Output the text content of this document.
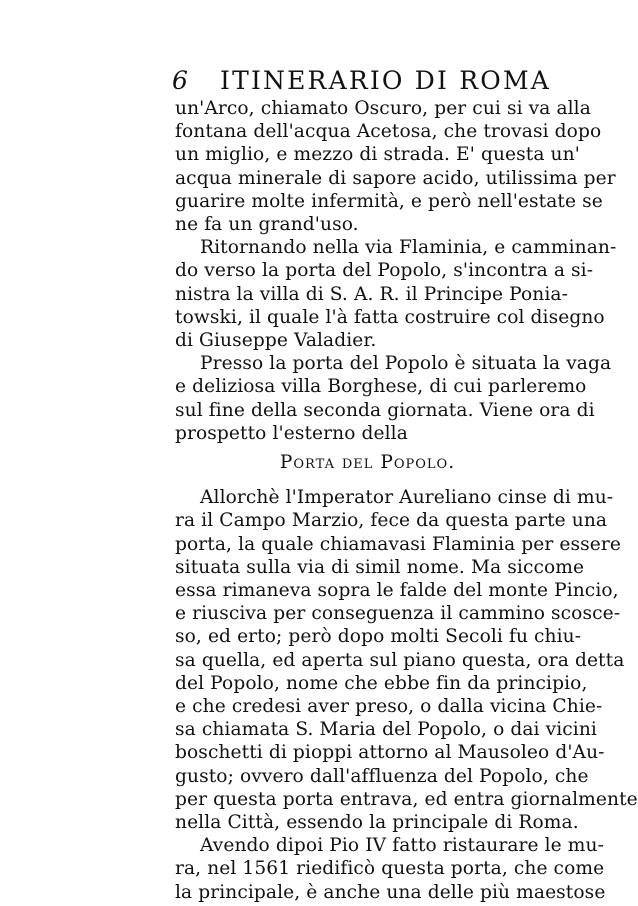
6 ITINERARIO DI ROMA
un'Arco, chiamato Oscuro, per cui si va alla
fontana dell'acqua Acetosa, che trovasi dopo
un miglio, e mezzo di strada. E' questa un'
acqua minerale di sapore acido, utilissima per
guarire molte infermità, e però nell'estate se
ne fa un grand'uso.
Ritornando nella via Flaminia, e camminan-
do verso la porta del Popolo, s'incontra a si-
nistra la villa di S. A. R. il Principe Ponia-
towski, il quale l'à fatta costruire col disegno
di Giuseppe Valadier.
Presso la porta del Popolo è situata la vaga
e deliziosa villa Borghese, di cui parleremo
sul fine della seconda giornata. Viene ora di
prospetto l'esterno della
Porta del Popolo.
Allorchè l'Imperator Aureliano cinse di mu-
ra il Campo Marzio, fece da questa parte una
porta, la quale chiamavasi Flaminia per essere
situata sulla via di simil nome. Ma siccome
essa rimaneva sopra le falde del monte Pincio,
e riusciva per conseguenza il cammino scosce-
so, ed erto; però dopo molti Secoli fu chiu-
sa quella, ed aperta sul piano questa, ora detta
del Popolo, nome che ebbe fin da principio,
e che credesi aver preso, o dalla vicina Chie-
sa chiamata S. Maria del Popolo, o dai vicini
boschetti di pioppi attorno al Mausoleo d'Au-
gusto; ovvero dall'affluenza del Popolo, che
per questa porta entrava, ed entra giornalmente
nella Città, essendo la principale di Roma.
Avendo dipoi Pio IV fatto ristaurare le mu-
ra, nel 1561 riedificò questa porta, che come
la principale, è anche una delle più maestose
